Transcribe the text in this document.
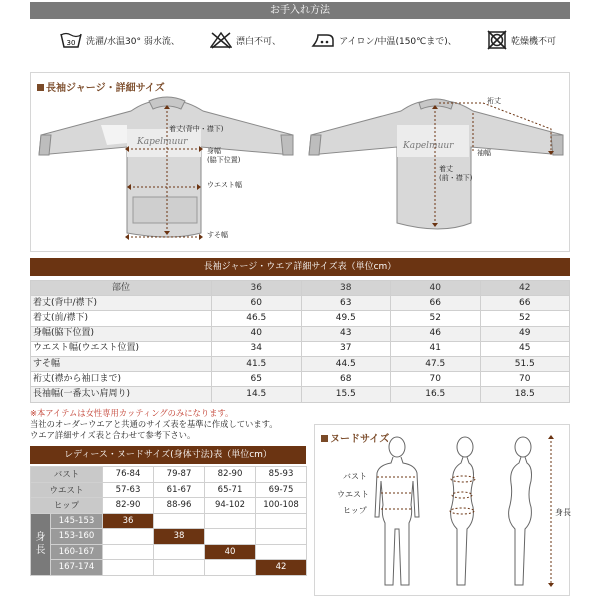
お手入れ方法
30 洗濯/水温30° 弱水流、	漂白不可、	アイロン/中温(150℃まで)、	乾燥機不可
長袖ジャージ・詳細サイズ
Kapelmuur	Kapelmuur
着丈(背中・襟下)
身幅
(脇下位置)
ウエスト幅
すそ幅
裄丈
袖幅
着丈
(前・襟下)
長袖ジャージ・ウエア詳細サイズ表（単位cm）
部位	36	38	40	42
着丈(背中/襟下)	60	63	66	66
着丈(前/襟下)	46.5	49.5	52	52
身幅(脇下位置)	40	43	46	49
ウエスト幅(ウエスト位置)	34	37	41	45
すそ幅	41.5	44.5	47.5	51.5
裄丈(襟から袖口まで)	65	68	70	70
長袖幅(一番太い肩周り)	14.5	15.5	16.5	18.5
※本アイテムは女性専用カッティングのみになります。
当社のオーダーウエアと共通のサイズ表を基準に作成しています。
ウエア詳細サイズ表と合わせて参考下さい。
レディース・ヌードサイズ(身体寸法)表（単位cm）
バスト		76-84	79-87	82-90	85-93
ウエスト		57-63	61-67	65-71	69-75
ヒップ		82-90	88-96	94-102	100-108

身
長	145-153	36			
	153-160		38		
	160-167			40	
	167-174				42
ヌードサイズ
バスト
ウエスト
ヒップ	身長
